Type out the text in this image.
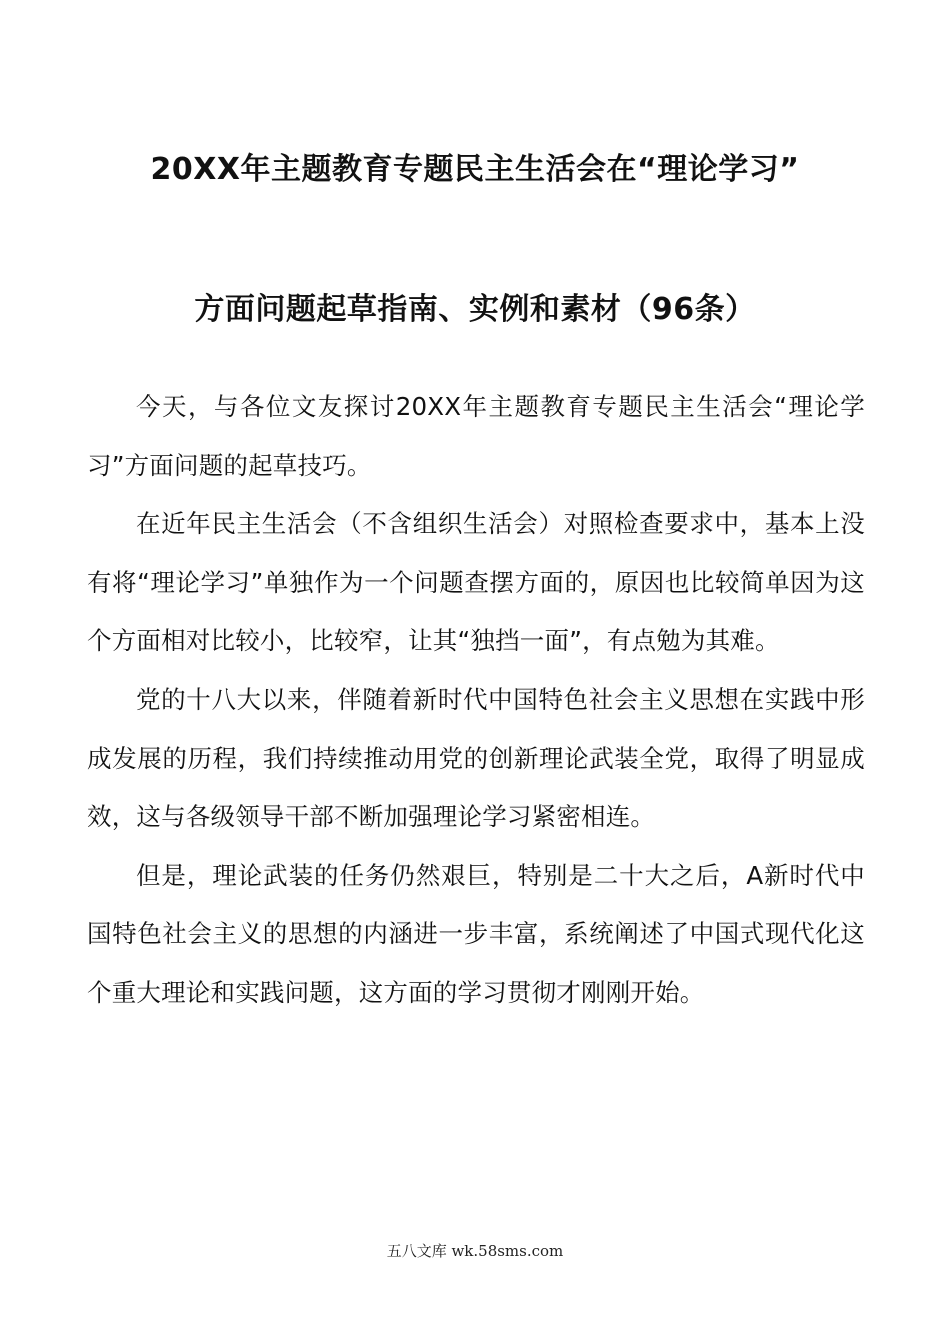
20XX年主题教育专题民主生活会在“理论学习”
方面问题起草指南、实例和素材（96条）

今天，与各位文友探讨20XX年主题教育专题民主生活会“理论学习”方面问题的起草技巧。

在近年民主生活会（不含组织生活会）对照检查要求中，基本上没有将“理论学习”单独作为一个问题查摆方面的，原因也比较简单因为这个方面相对比较小，比较窄，让其“独挡一面”，有点勉为其难。

党的十八大以来，伴随着新时代中国特色社会主义思想在实践中形成发展的历程，我们持续推动用党的创新理论武装全党，取得了明显成效，这与各级领导干部不断加强理论学习紧密相连。

但是，理论武装的任务仍然艰巨，特别是二十大之后，A新时代中国特色社会主义的思想的内涵进一步丰富，系统阐述了中国式现代化这个重大理论和实践问题，这方面的学习贯彻才刚刚开始。

五八文库 wk.58sms.com
